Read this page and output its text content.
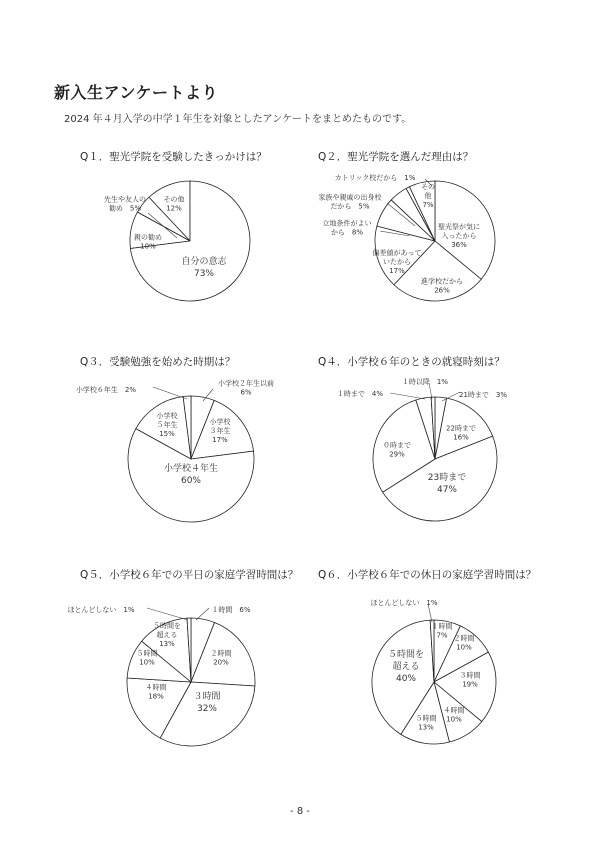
新入生アンケートより

2024 年４月入学の中学１年生を対象としたアンケートをまとめたものです。

Q１．聖光学院を受験したきっかけは？
その他 12%
先生や友人の勧め　5%
親の勧め 10%
自分の意志 73%
Q２．聖光学院を選んだ理由は？
聖光祭が気に入ったから 36%
進学校だから 26%
偏差値があっていたから 17%
立地条件がよいから　8%
家族や親戚の出身校だから　5%
カトリック校だから　1%
その他 7%
Q３．受験勉強を始めた時期は？
小学校２年生以前 6%
小学校３年生 17%
小学校４年生 60%
小学校５年生 15%
小学校６年生　2%
Q４．小学校６年のときの就寝時刻は？
21時まで　3%
22時まで 16%
23時まで 47%
０時まで 29%
１時まで　4%
１時以降　1%
Q５．小学校６年での平日の家庭学習時間は？
１時間　6%
２時間 20%
３時間 32%
４時間 18%
５時間 10%
５時間を超える 13%
ほとんどしない　1%
Q６．小学校６年での休日の家庭学習時間は？
１時間 7% ２時間 10%
３時間 19%
４時間 10%
５時間 13%
５時間を超える 40%
ほとんどしない　1%
- 8 -
